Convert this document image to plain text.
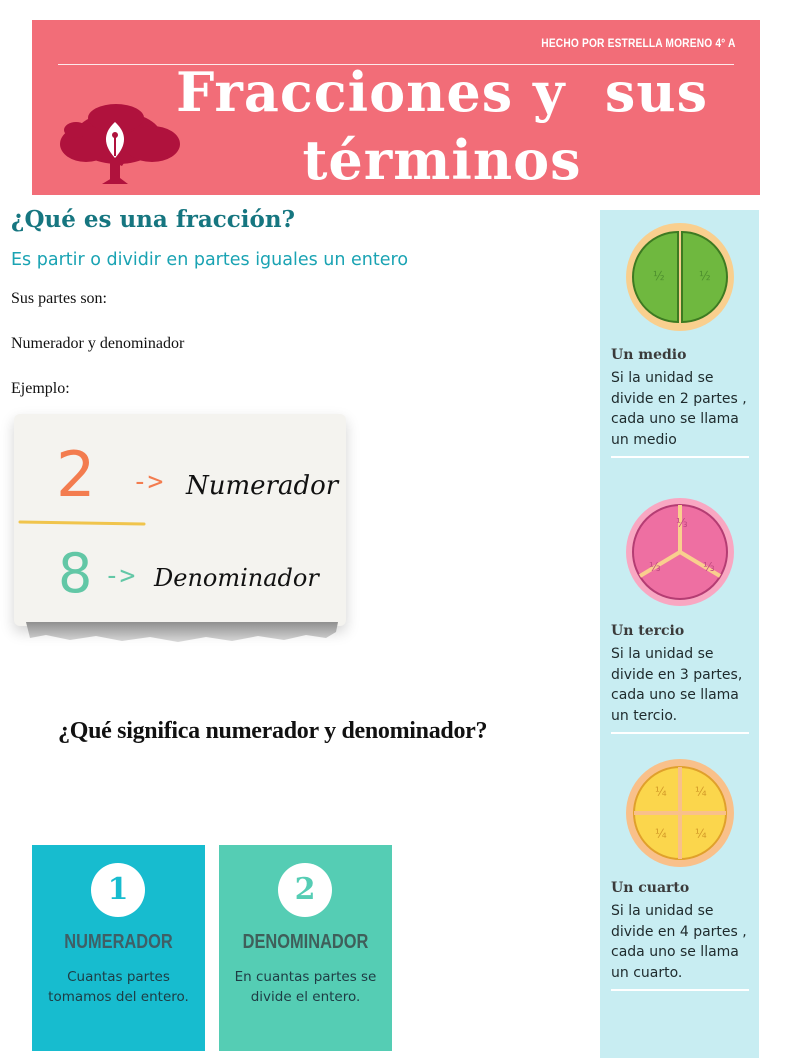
HECHO POR ESTRELLA MORENO 4° A
Fracciones y  sus
términos
¿Qué es una fracción?

Es partir o dividir en partes iguales un entero

Sus partes son:

Numerador y denominador

Ejemplo:

2 -> Numerador
8 -> Denominador
¿Qué significa numerador y denominador?
1
NUMERADOR
Cuantas partes tomamos del entero.
2
DENOMINADOR
En cuantas partes se divide el entero.
½	½
Un medio

Si la unidad se divide en 2 partes , cada uno se llama un medio

⅓
⅓	⅓
Un tercio

Si la unidad se divide en 3 partes, cada uno se llama un tercio.

¼ ¼
¼ ¼
Un cuarto

Si la unidad se divide en 4 partes , cada uno se llama un cuarto.
